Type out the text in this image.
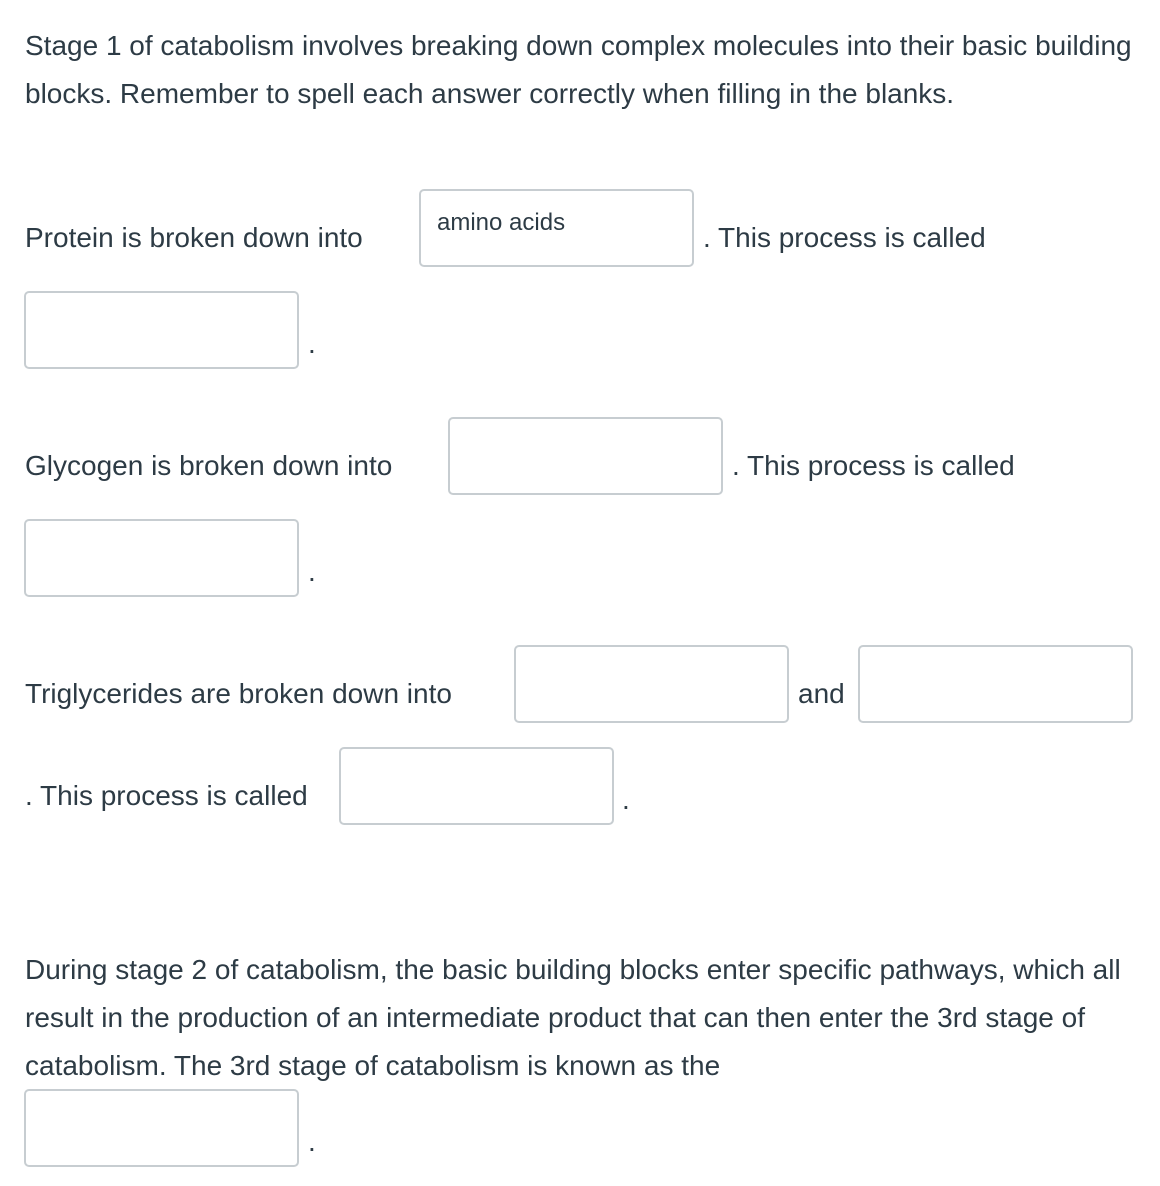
Stage 1 of catabolism involves breaking down complex molecules into their basic building blocks. Remember to spell each answer correctly when filling in the blanks.
Protein is broken down into
amino acids	. This process is called
.
Glycogen is broken down into	. This process is called
.
Triglycerides are broken down into	and
. This process is called	.
During stage 2 of catabolism, the basic building blocks enter specific pathways, which all result in the production of an intermediate product that can then enter the 3rd stage of catabolism. The 3rd stage of catabolism is known as the
.
